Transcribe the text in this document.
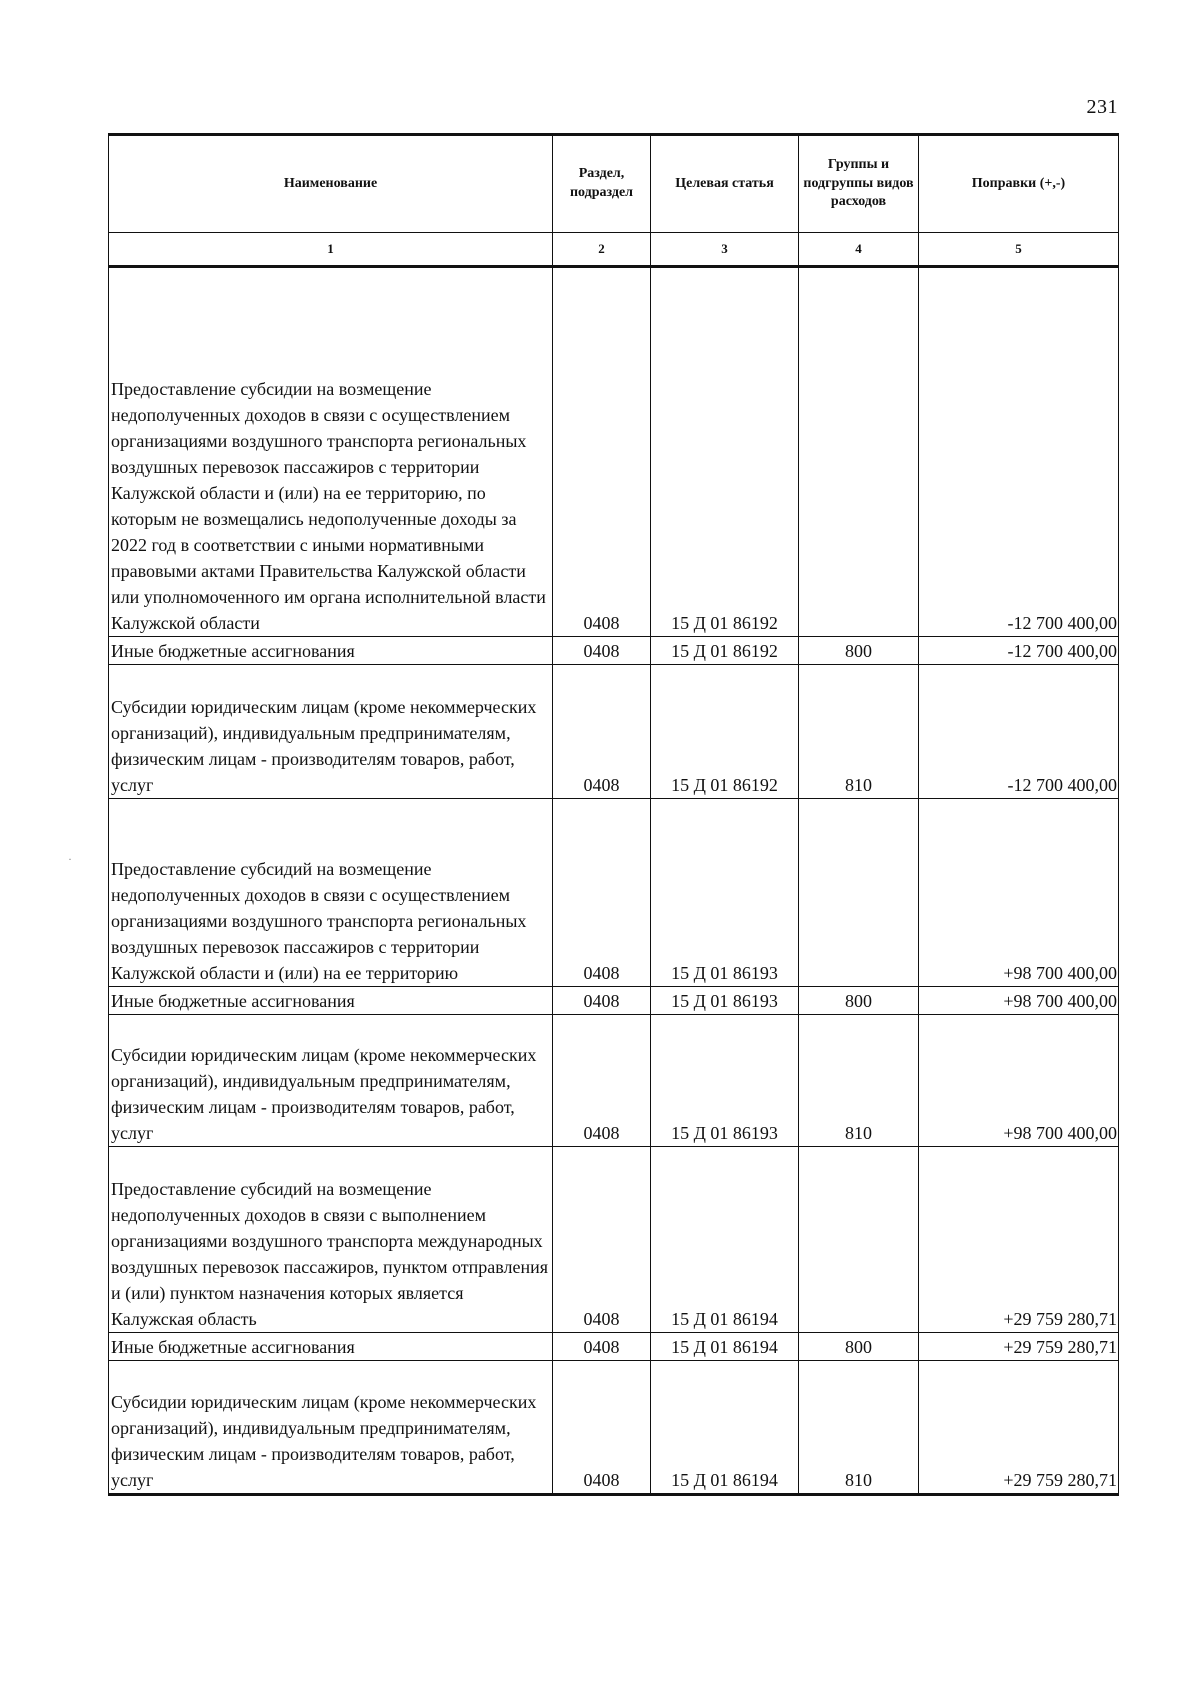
231
·
Наименование	Раздел, подраздел	Целевая статья	Группы и подгруппы видов расходов	Поправки (+,-)
1	2	3	4	5
Предоставление субсидии на возмещение недополученных доходов в связи с осуществлением организациями воздушного транспорта региональных воздушных перевозок пассажиров с территории Калужской области и (или) на ее территорию, по которым не возмещались недополученные доходы за 2022 год в соответствии с иными нормативными правовыми актами Правительства Калужской области или уполномоченного им органа исполнительной власти Калужской области	0408	15 Д 01 86192		-12 700 400,00
Иные бюджетные ассигнования	0408	15 Д 01 86192	800	-12 700 400,00
Субсидии юридическим лицам (кроме некоммерческих организаций), индивидуальным предпринимателям, физическим лицам - производителям товаров, работ, услуг	0408	15 Д 01 86192	810	-12 700 400,00
Предоставление субсидий на возмещение недополученных доходов в связи с осуществлением организациями воздушного транспорта региональных воздушных перевозок пассажиров с территории Калужской области и (или) на ее территорию	0408	15 Д 01 86193		+98 700 400,00
Иные бюджетные ассигнования	0408	15 Д 01 86193	800	+98 700 400,00
Субсидии юридическим лицам (кроме некоммерческих организаций), индивидуальным предпринимателям, физическим лицам - производителям товаров, работ, услуг	0408	15 Д 01 86193	810	+98 700 400,00
Предоставление субсидий на возмещение недополученных доходов в связи с выполнением организациями воздушного транспорта международных воздушных перевозок пассажиров, пунктом отправления и (или) пунктом назначения которых является Калужская область	0408	15 Д 01 86194		+29 759 280,71
Иные бюджетные ассигнования	0408	15 Д 01 86194	800	+29 759 280,71
Субсидии юридическим лицам (кроме некоммерческих организаций), индивидуальным предпринимателям, физическим лицам - производителям товаров, работ, услуг	0408	15 Д 01 86194	810	+29 759 280,71
